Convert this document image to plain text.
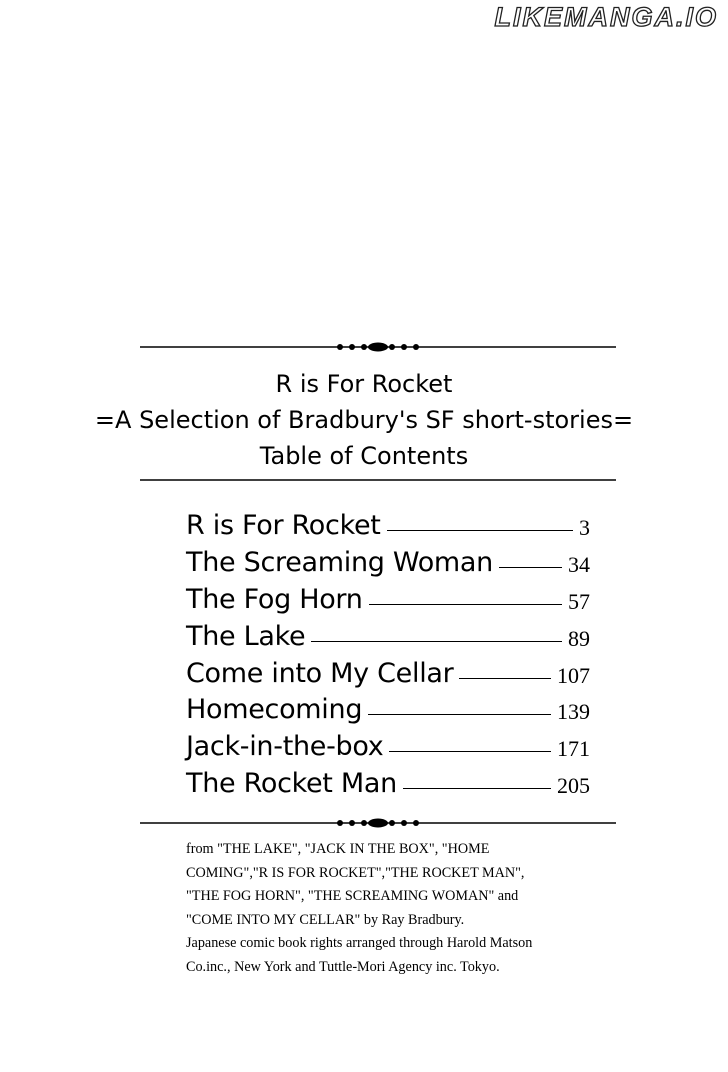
LIKEMANGA.IO
R is For Rocket
=A Selection of Bradbury's SF short-stories=
Table of Contents
R is For Rocket	3
The Screaming Woman	34
The Fog Horn	57
The Lake	89
Come into My Cellar	107
Homecoming	139
Jack-in-the-box	171
The Rocket Man	205
from "THE LAKE", "JACK IN THE BOX", "HOME
COMING","R IS FOR ROCKET","THE ROCKET MAN",
"THE FOG HORN", "THE SCREAMING WOMAN" and
"COME INTO MY CELLAR" by Ray Bradbury.
Japanese comic book rights arranged through Harold Matson
Co.inc., New York and Tuttle-Mori Agency inc. Tokyo.
